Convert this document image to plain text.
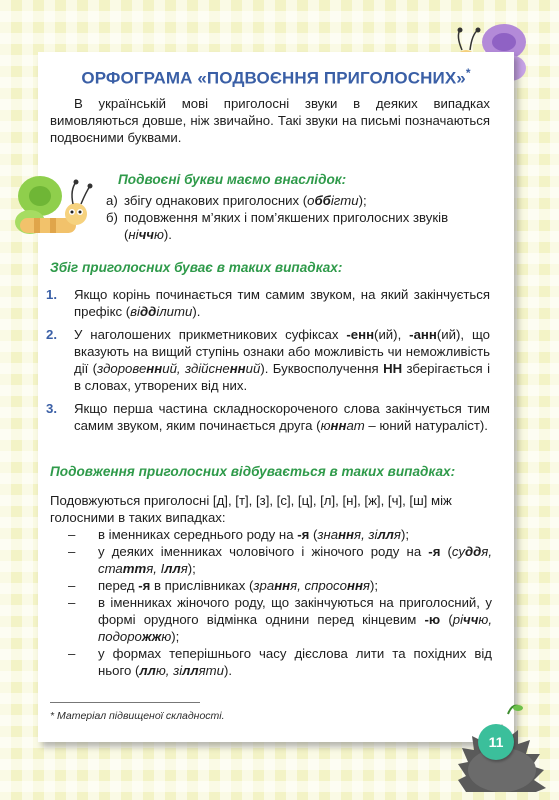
ОРФОГРАМА «ПОДВОЄННЯ ПРИГОЛОСНИХ»*
В українській мові приголосні звуки в деяких випадках вимовляються довше, ніж звичайно. Такі звуки на письмі позначаються подвоєними буквами.
Подвоєні букви маємо внаслідок:
а) збігу однакових приголосних (оббігти);
б) подовження м’яких і пом’якшених приголосних звуків (ніччю).
Збіг приголосних буває в таких випадках:
1.	Якщо корінь починається тим самим звуком, на який закінчується префікс (відділити).
2.	У наголошених прикметникових суфіксах -енн(ий), -анн(ий), що вказують на вищий ступінь ознаки або можливість чи неможливість дії (здоровенний, здійсненний). Буквосполучення НН зберігається і в словах, утворених від них.
3.	Якщо перша частина складноскороченого слова закінчується тим самим звуком, яким починається друга (юннат – юний натураліст).
Подовження приголосних відбувається в таких випадках:
Подовжуються приголосні [д], [т], [з], [с], [ц], [л], [н], [ж], [ч], [ш] між голосними в таких випадках:
–	в іменниках середнього роду на -я (знання, зілля);
–	у деяких іменниках чоловічого і жіночого роду на -я (суддя, стаття, Ілля);
–	перед -я в прислівниках (зрання, спросоння);
–	в іменниках жіночого роду, що закінчуються на приголосний, у формі орудного відмінка однини перед кінцевим -ю (річчю, подорожжю);
–	у формах теперішнього часу дієслова лити та похідних від нього (ллю, зілляти).
* Матеріал підвищеної складності.
11
